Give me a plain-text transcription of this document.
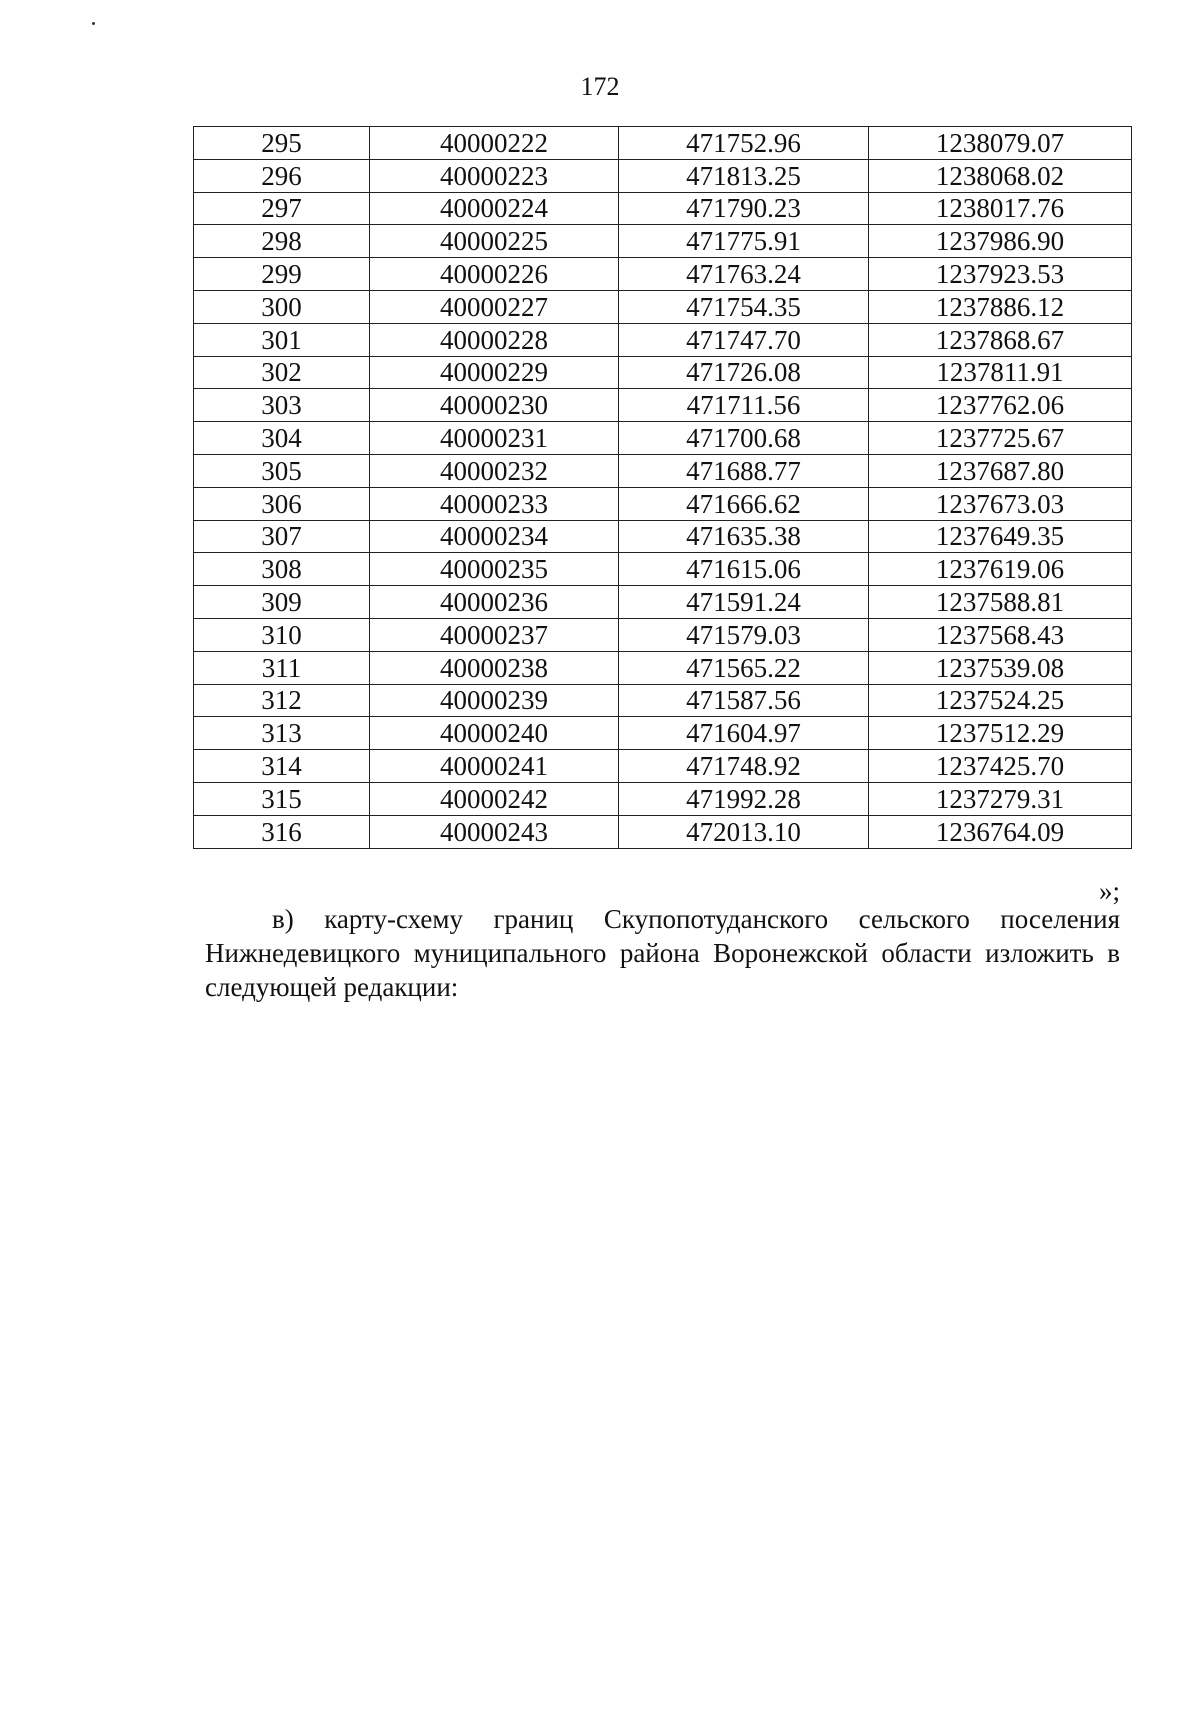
172
295	40000222	471752.96	1238079.07
296	40000223	471813.25	1238068.02
297	40000224	471790.23	1238017.76
298	40000225	471775.91	1237986.90
299	40000226	471763.24	1237923.53
300	40000227	471754.35	1237886.12
301	40000228	471747.70	1237868.67
302	40000229	471726.08	1237811.91
303	40000230	471711.56	1237762.06
304	40000231	471700.68	1237725.67
305	40000232	471688.77	1237687.80
306	40000233	471666.62	1237673.03
307	40000234	471635.38	1237649.35
308	40000235	471615.06	1237619.06
309	40000236	471591.24	1237588.81
310	40000237	471579.03	1237568.43
311	40000238	471565.22	1237539.08
312	40000239	471587.56	1237524.25
313	40000240	471604.97	1237512.29
314	40000241	471748.92	1237425.70
315	40000242	471992.28	1237279.31
316	40000243	472013.10	1236764.09
»;
в) карту-схему границ Скупопотуданского сельского поселения Нижнедевицкого муниципального района Воронежской области изложить в следующей редакции:
